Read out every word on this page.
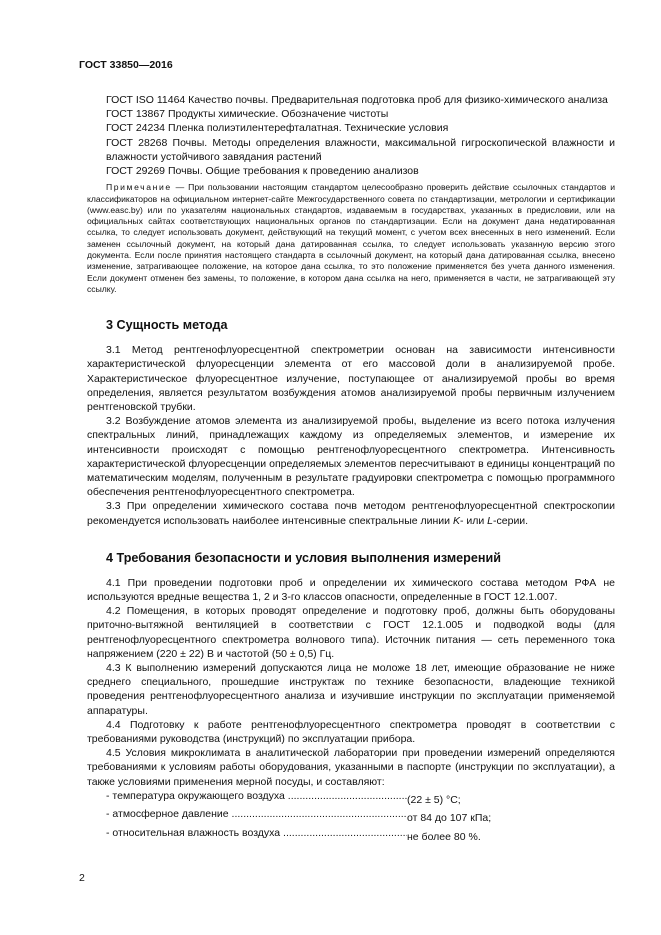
ГОСТ 33850—2016

ГОСТ ISO 11464 Качество почвы. Предварительная подготовка проб для физико-химического анализа

ГОСТ 13867 Продукты химические. Обозначение чистоты

ГОСТ 24234 Пленка полиэтилентерефталатная. Технические условия

ГОСТ 28268 Почвы. Методы определения влажности, максимальной гигроскопической влажности и влажности устойчивого завядания растений

ГОСТ 29269 Почвы. Общие требования к проведению анализов

Примечание — При пользовании настоящим стандартом целесообразно проверить действие ссылочных стандартов и классификаторов на официальном интернет-сайте Межгосударственного совета по стандартизации, метрологии и сертификации (www.easc.by) или по указателям национальных стандартов, издаваемым в государствах, указанных в предисловии, или на официальных сайтах соответствующих национальных органов по стандартизации. Если на документ дана недатированная ссылка, то следует использовать документ, действующий на текущий момент, с учетом всех внесенных в него изменений. Если заменен ссылочный документ, на который дана датированная ссылка, то следует использовать указанную версию этого документа. Если после принятия настоящего стандарта в ссылочный документ, на который дана датированная ссылка, внесено изменение, затрагивающее положение, на которое дана ссылка, то это положение применяется без учета данного изменения. Если документ отменен без замены, то положение, в котором дана ссылка на него, применяется в части, не затрагивающей эту ссылку.

3 Сущность метода

3.1 Метод рентгенофлуоресцентной спектрометрии основан на зависимости интенсивности характеристической флуоресценции элемента от его массовой доли в анализируемой пробе. Характеристическое флуоресцентное излучение, поступающее от анализируемой пробы во время определения, является результатом возбуждения атомов анализируемой пробы первичным излучением рентгеновской трубки.

3.2 Возбуждение атомов элемента из анализируемой пробы, выделение из всего потока излучения спектральных линий, принадлежащих каждому из определяемых элементов, и измерение их интенсивности происходят с помощью рентгенофлуоресцентного спектрометра. Интенсивность характеристической флуоресценции определяемых элементов пересчитывают в единицы концентраций по математическим моделям, полученным в результате градуировки спектрометра с помощью программного обеспечения рентгенофлуоресцентного спектрометра.

3.3 При определении химического состава почв методом рентгенофлуоресцентной спектроскопии рекомендуется использовать наиболее интенсивные спектральные линии K- или L-серии.

4 Требования безопасности и условия выполнения измерений

4.1 При проведении подготовки проб и определении их химического состава методом РФА не используются вредные вещества 1, 2 и 3-го классов опасности, определенные в ГОСТ 12.1.007.

4.2 Помещения, в которых проводят определение и подготовку проб, должны быть оборудованы приточно-вытяжной вентиляцией в соответствии с ГОСТ 12.1.005 и подводкой воды (для рентгенофлуоресцентного спектрометра волнового типа). Источник питания — сеть переменного тока напряжением (220 ± 22) В и частотой (50 ± 0,5) Гц.

4.3 К выполнению измерений допускаются лица не моложе 18 лет, имеющие образование не ниже среднего специального, прошедшие инструктаж по технике безопасности, владеющие техникой проведения рентгенофлуоресцентного анализа и изучившие инструкции по эксплуатации применяемой аппаратуры.

4.4 Подготовку к работе рентгенофлуоресцентного спектрометра проводят в соответствии с требованиями руководства (инструкций) по эксплуатации прибора.

4.5 Условия микроклимата в аналитической лаборатории при проведении измерений определяются требованиями к условиям работы оборудования, указанными в паспорте (инструкции по эксплуатации), а также условиями применения мерной посуды, и составляют:

- температура окружающего воздуха .....	(22 ± 5) °С;
- атмосферное давление .....	от 84 до 107 кПа;
- относительная влажность воздуха .....	не более 80 %.
2
